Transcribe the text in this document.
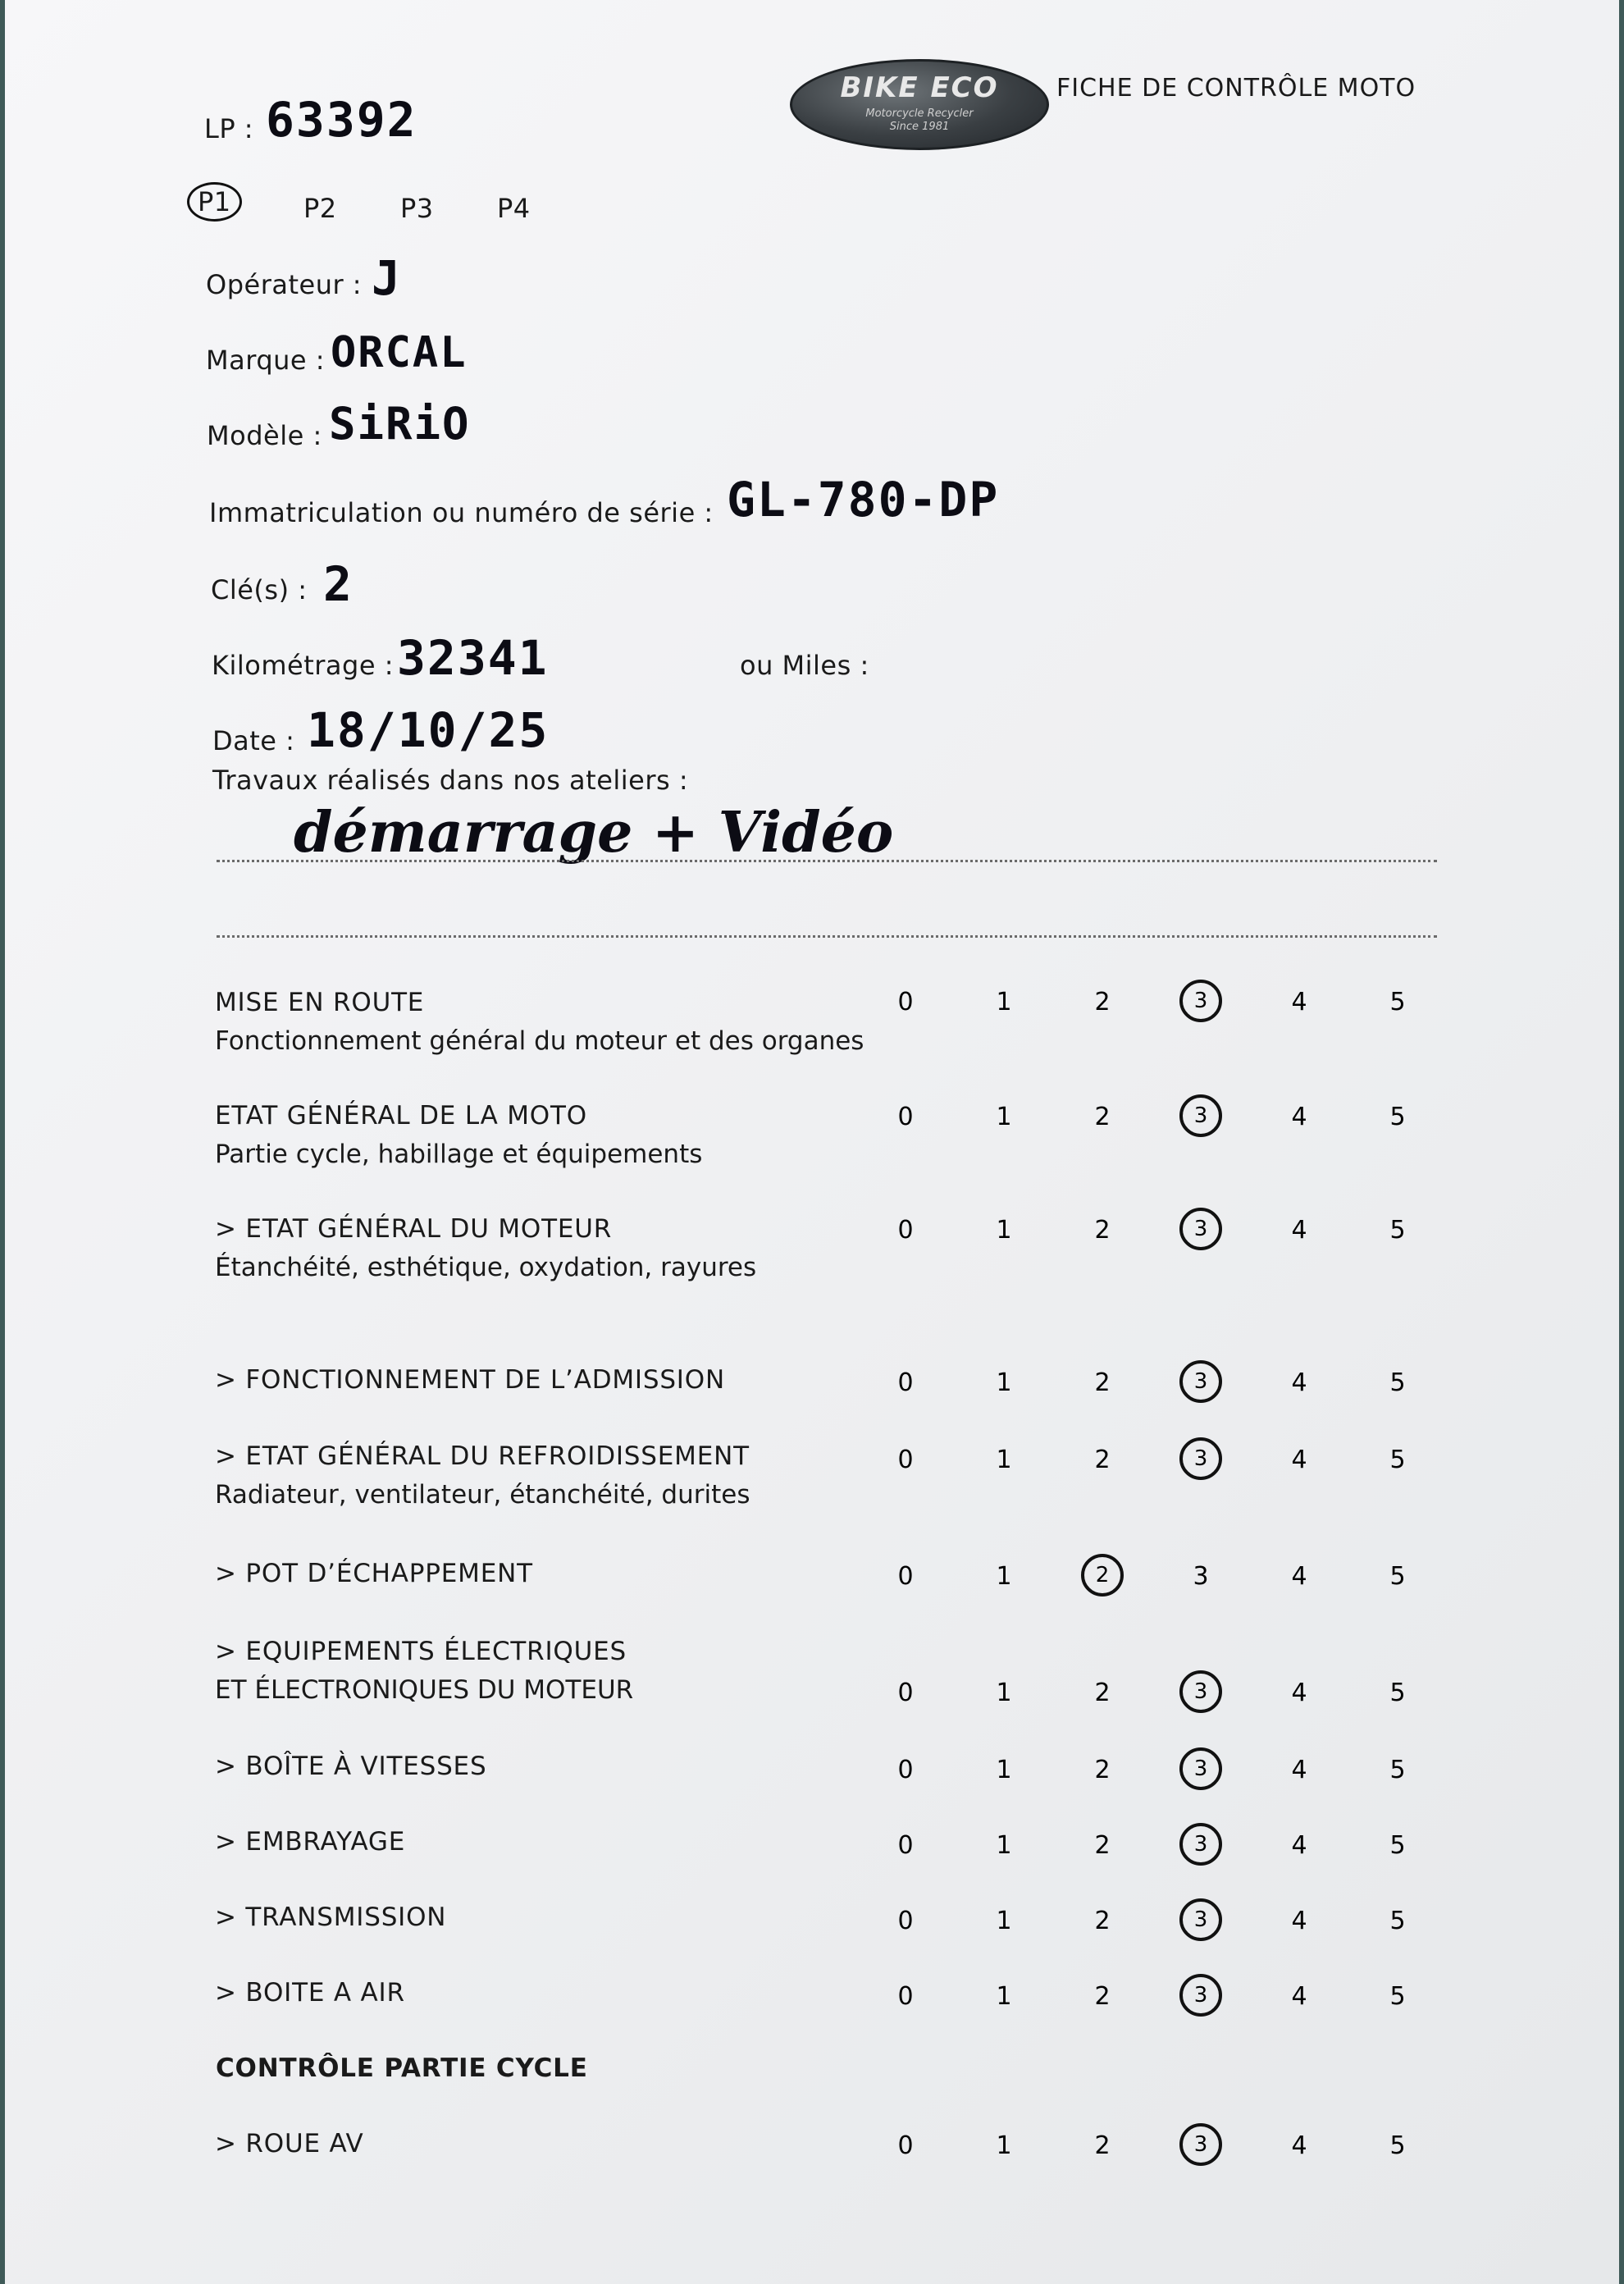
BIKE ECO
Motorcycle Recycler
Since 1981
FICHE DE CONTRÔLE MOTO
LP : 63392
P1	P2 P3 P4
Opérateur : J
Marque : ORCAL
Modèle : SiRiO
Immatriculation ou numéro de série : GL-780-DP
Clé(s) : 2
Kilométrage : 32341	ou Miles :
Date : 18/10/25
Travaux réalisés dans nos ateliers :
démarrage + Vidéo
MISE EN ROUTE
Fonctionnement général du moteur et des organes
0	1	2	3	4	5
ETAT GÉNÉRAL DE LA MOTO
Partie cycle, habillage et équipements
0	1	2	3	4	5
> ETAT GÉNÉRAL DU MOTEUR
Étanchéité, esthétique, oxydation, rayures
0	1	2	3	4	5
> FONCTIONNEMENT DE L’ADMISSION	0	1	2	3	4	5
> ETAT GÉNÉRAL DU REFROIDISSEMENT
Radiateur, ventilateur, étanchéité, durites
0	1	2	3	4	5
> POT D’ÉCHAPPEMENT	0	1	2	3	4	5
> EQUIPEMENTS ÉLECTRIQUES
ET ÉLECTRONIQUES DU MOTEUR	0	1	2	3	4	5
> BOÎTE À VITESSES	0	1	2	3	4	5
> EMBRAYAGE	0	1	2	3	4	5
> TRANSMISSION	0	1	2	3	4	5
> BOITE A AIR	0	1	2	3	4	5
CONTRÔLE PARTIE CYCLE
> ROUE AV	0	1	2	3	4	5
